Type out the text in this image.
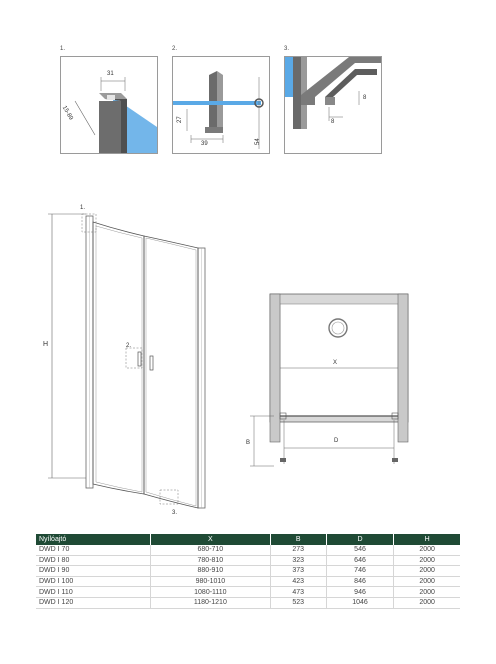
1.
31
15-89
2.
27
39	54
3.
8
8
H
1.
2.
3.
X
B	D
Nyílóajtó	X	B	D	H
DWD I 70	680-710	273	546	2000
DWD I 80	780-810	323	646	2000
DWD I 90	880-910	373	746	2000
DWD I 100	980-1010	423	846	2000
DWD I 110	1080-1110	473	946	2000
DWD I 120	1180-1210	523	1046	2000
